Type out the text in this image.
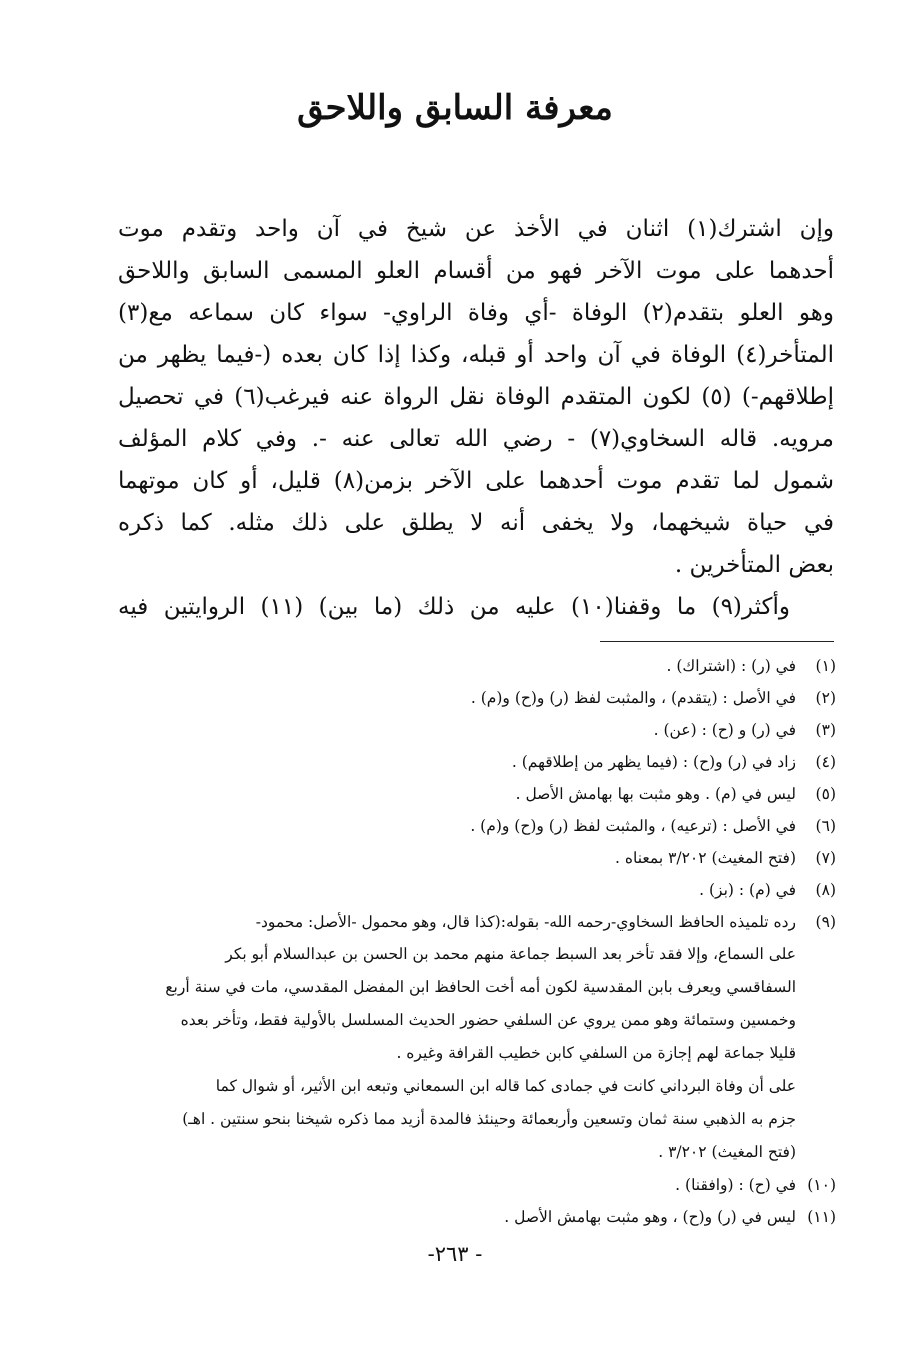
معرفة السابق واللاحق
وإن اشترك(١) اثنان في الأخذ عن شيخ في آن واحد وتقدم موت
أحدهما على موت الآخر فهو من أقسام العلو المسمى السابق واللاحق
وهو العلو بتقدم(٢) الوفاة -أي وفاة الراوي- سواء كان سماعه مع(٣)
المتأخر(٤) الوفاة في آن واحد أو قبله، وكذا إذا كان بعده (-فيما يظهر من
إطلاقهم-) (٥) لكون المتقدم الوفاة نقل الرواة عنه فيرغب(٦) في تحصيل
مرويه. قاله السخاوي(٧) - رضي الله تعالى عنه -. وفي كلام المؤلف
شمول لما تقدم موت أحدهما على الآخر بزمن(٨) قليل، أو كان موتهما
في حياة شيخهما، ولا يخفى أنه لا يطلق على ذلك مثله. كما ذكره
بعض المتأخرين .
وأكثر(٩) ما وقفنا(١٠) عليه من ذلك (ما بين) (١١) الروايتين فيه
(١)في (ر) : (اشتراك) .
(٢)في الأصل : (يتقدم) ، والمثبت لفظ (ر) و(ح) و(م) .
(٣)في (ر) و (ح) : (عن) .
(٤)زاد في (ر) و(ح) : (فيما يظهر من إطلاقهم) .
(٥)ليس في (م) . وهو مثبت بها بهامش الأصل .
(٦)في الأصل : (ترعيه) ، والمثبت لفظ (ر) و(ح) و(م) .
(٧)(فتح المغيث) ٣/٢٠٢ بمعناه .
(٨)في (م) : (بز) .
(٩)رده تلميذه الحافظ السخاوي-رحمه الله- بقوله:(كذا قال، وهو محمول -الأصل: محمود-
على السماع، وإلا فقد تأخر بعد السبط جماعة منهم محمد بن الحسن بن عبدالسلام أبو بكر
السفاقسي ويعرف بابن المقدسية لكون أمه أخت الحافظ ابن المفضل المقدسي، مات في سنة أربع
وخمسين وستمائة وهو ممن يروي عن السلفي حضور الحديث المسلسل بالأولية فقط، وتأخر بعده
قليلا جماعة لهم إجازة من السلفي كابن خطيب القرافة وغيره .
على أن وفاة البرداني كانت في جمادى كما قاله ابن السمعاني وتبعه ابن الأثير، أو شوال كما
جزم به الذهبي سنة ثمان وتسعين وأربعمائة وحينئذ فالمدة أزيد مما ذكره شيخنا بنحو سنتين . اهـ)
(فتح المغيث) ٣/٢٠٢ .
(١٠)في (ح) : (وافقنا) .
(١١)ليس في (ر) و(ح) ، وهو مثبت بهامش الأصل .
- ٢٦٣-
